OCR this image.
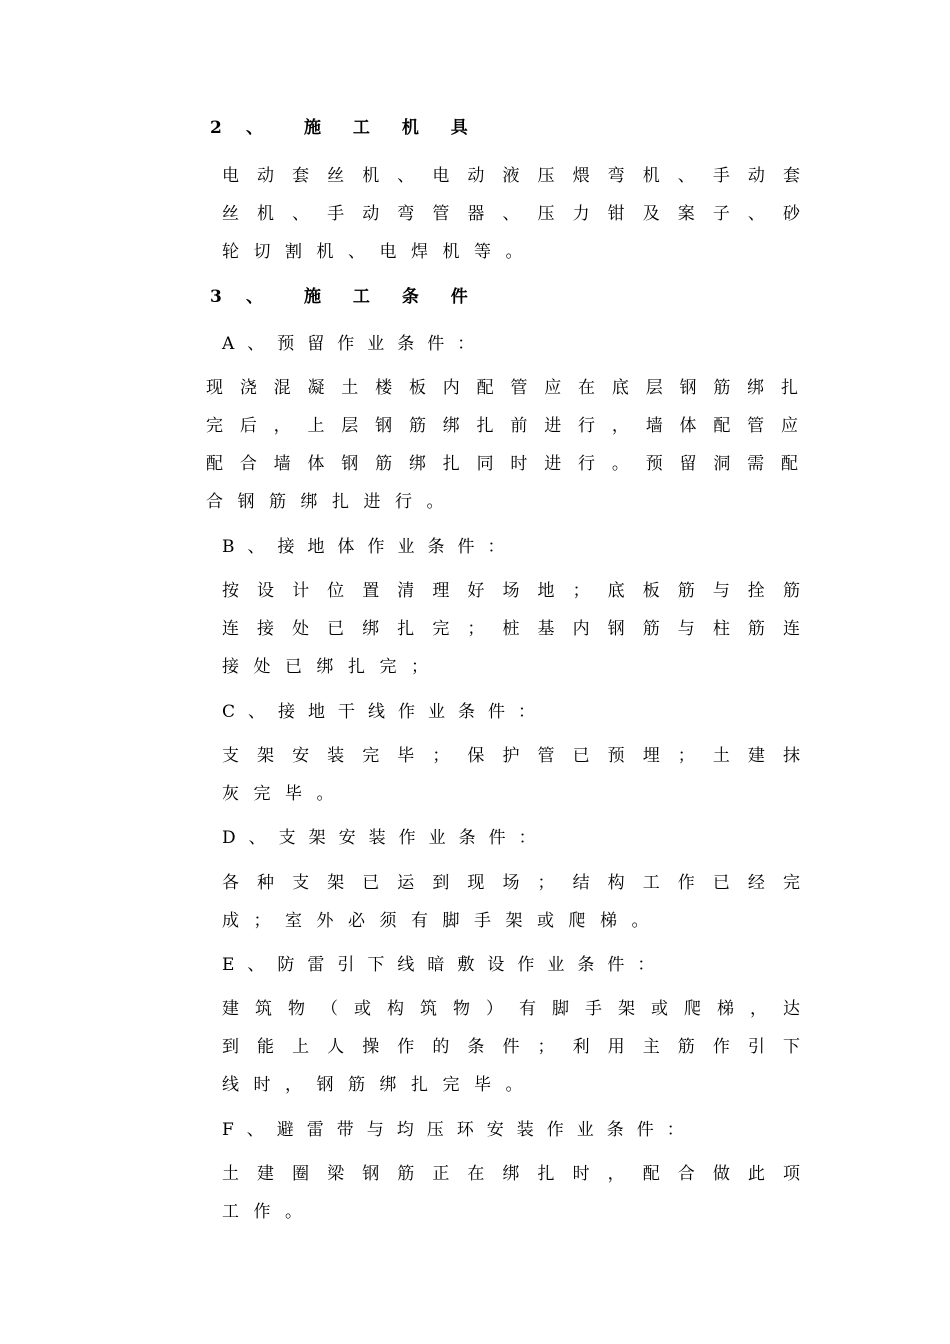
2 、 施 工 机 具
电动套丝机、电动液压煨弯机、手动套
丝机、手动弯管器、压力钳及案子、砂
轮切割机、电焊机等。
3 、 施 工 条 件
A、预留作业条件：
现浇混凝土楼板内配管应在底层钢筋绑扎
完后，上层钢筋绑扎前进行，墙体配管应
配合墙体钢筋绑扎同时进行。预留洞需配
合钢筋绑扎进行。
B、接地体作业条件：
按设计位置清理好场地；底板筋与拴筋
连接处已绑扎完；桩基内钢筋与柱筋连
接处已绑扎完；
C、接地干线作业条件：
支架安装完毕；保护管已预埋；土建抹
灰完毕。
D、支架安装作业条件：
各种支架已运到现场；结构工作已经完
成；室外必须有脚手架或爬梯。
E、防雷引下线暗敷设作业条件：
建筑物（或构筑物）有脚手架或爬梯，达
到能上人操作的条件；利用主筋作引下
线时，钢筋绑扎完毕。
F、避雷带与均压环安装作业条件：
土建圈梁钢筋正在绑扎时，配合做此项
工作。
